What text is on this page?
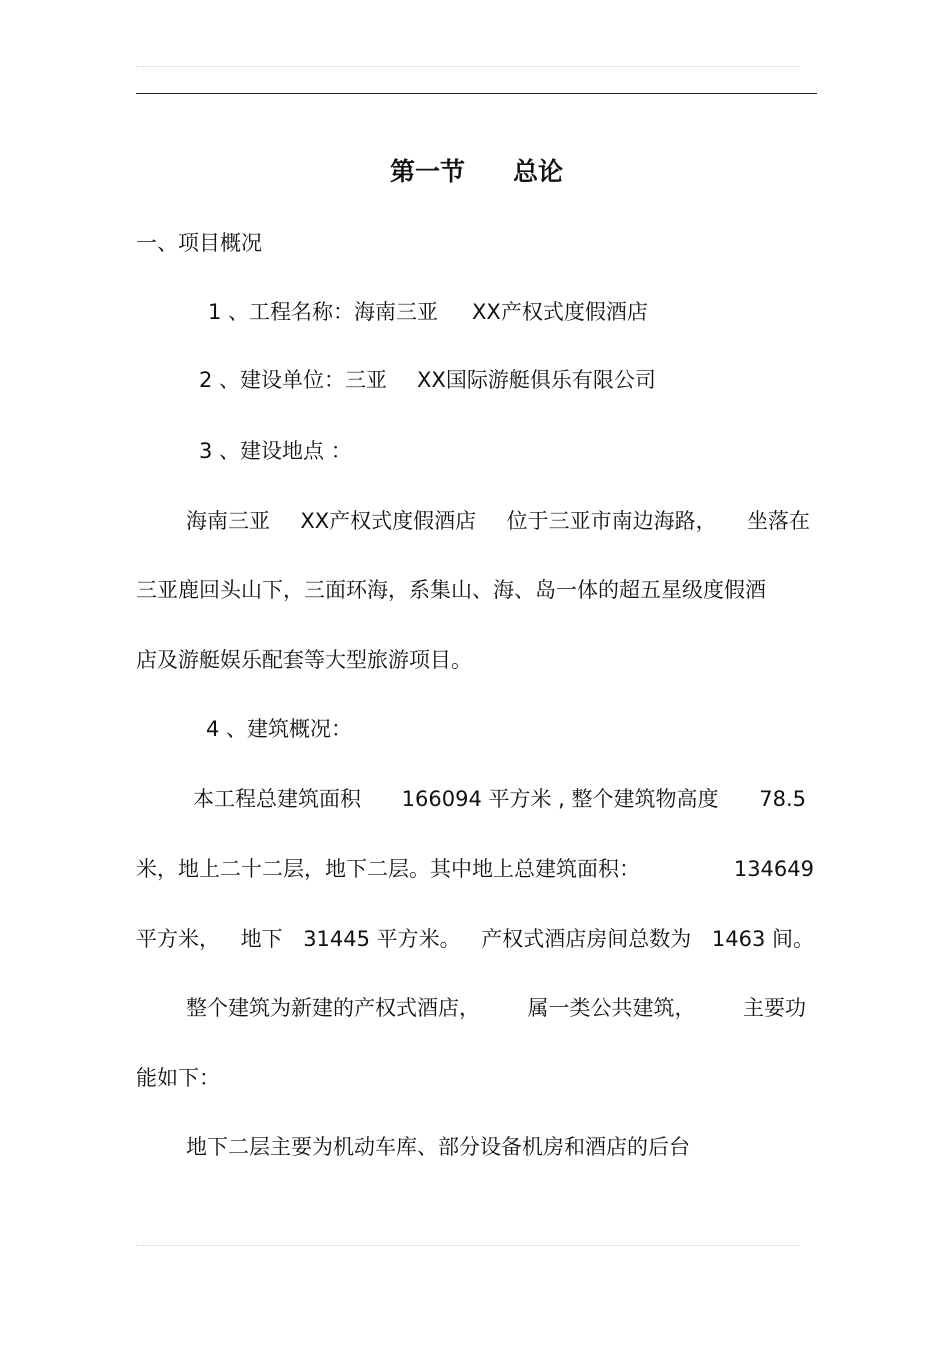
第一节 总论

一、项目概况

1 、工程名称：海南三亚 XX产权式度假酒店

2 、建设单位：三亚 XX国际游艇俱乐有限公司

3 、建设地点 ：

海南三亚 XX产权式度假酒店 位于三亚市南边海路， 坐落在

三亚鹿回头山下，三面环海，系集山、海、岛一体的超五星级度假酒

店及游艇娱乐配套等大型旅游项目。

4 、建筑概况：

本工程总建筑面积 166094 平方米 , 整个建筑物高度 78.5

米，地上二十二层，地下二层。其中地上总建筑面积：	134649

平方米， 地下 31445 平方米。 产权式酒店房间总数为 1463 间。

整个建筑为新建的产权式酒店， 属一类公共建筑， 主要功

能如下：

地下二层主要为机动车库、部分设备机房和酒店的后台
